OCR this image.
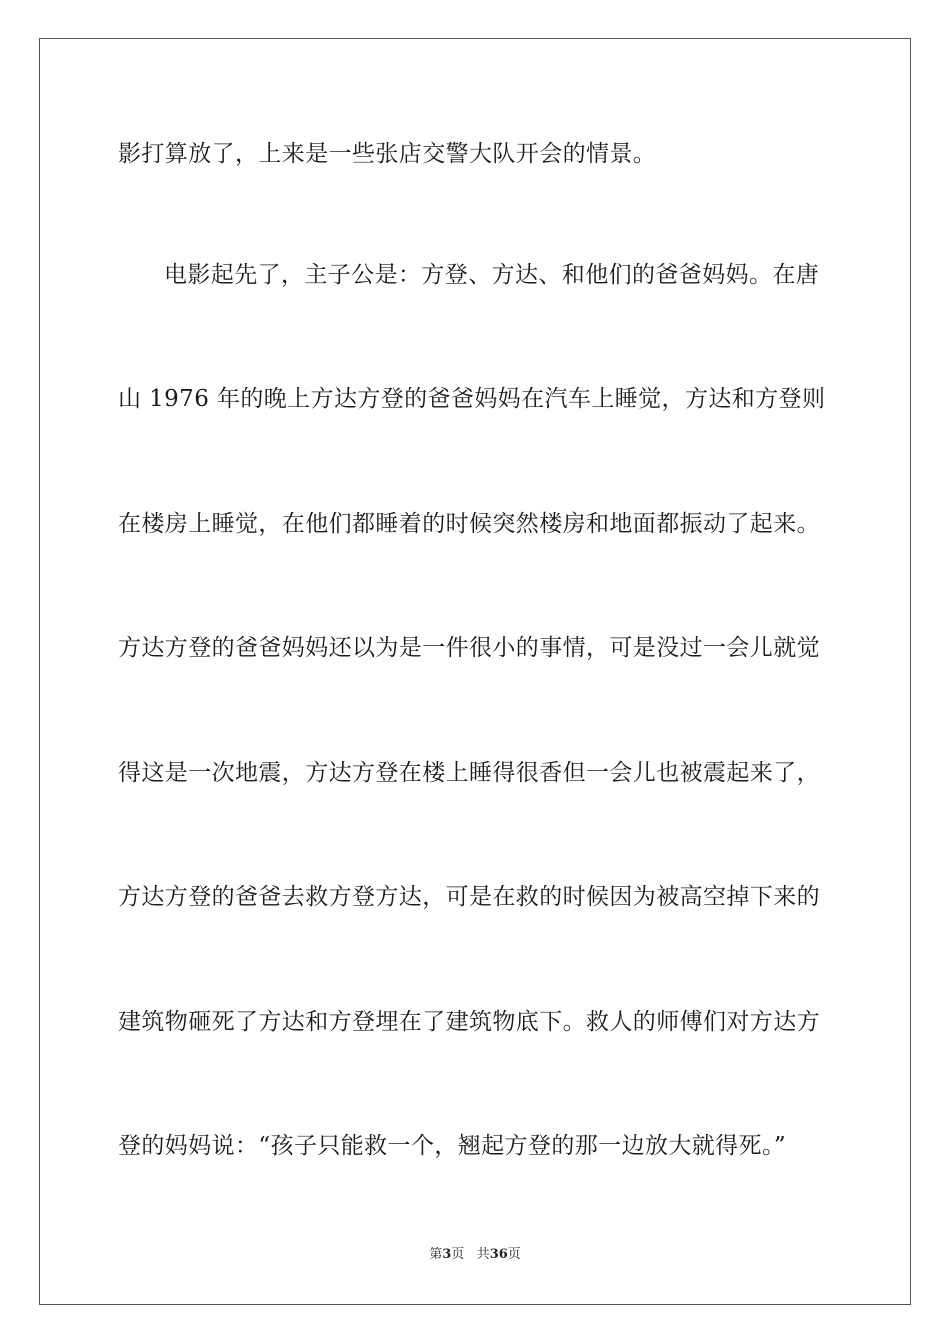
影打算放了，上来是一些张店交警大队开会的情景。
电影起先了，主子公是：方登、方达、和他们的爸爸妈妈。在唐
山 1976 年的晚上方达方登的爸爸妈妈在汽车上睡觉，方达和方登则
在楼房上睡觉，在他们都睡着的时候突然楼房和地面都振动了起来。
方达方登的爸爸妈妈还以为是一件很小的事情，可是没过一会儿就觉
得这是一次地震，方达方登在楼上睡得很香但一会儿也被震起来了，
方达方登的爸爸去救方登方达，可是在救的时候因为被高空掉下来的
建筑物砸死了方达和方登埋在了建筑物底下。救人的师傅们对方达方
登的妈妈说：“孩子只能救一个，翘起方登的那一边放大就得死。”
第3页 共36页
